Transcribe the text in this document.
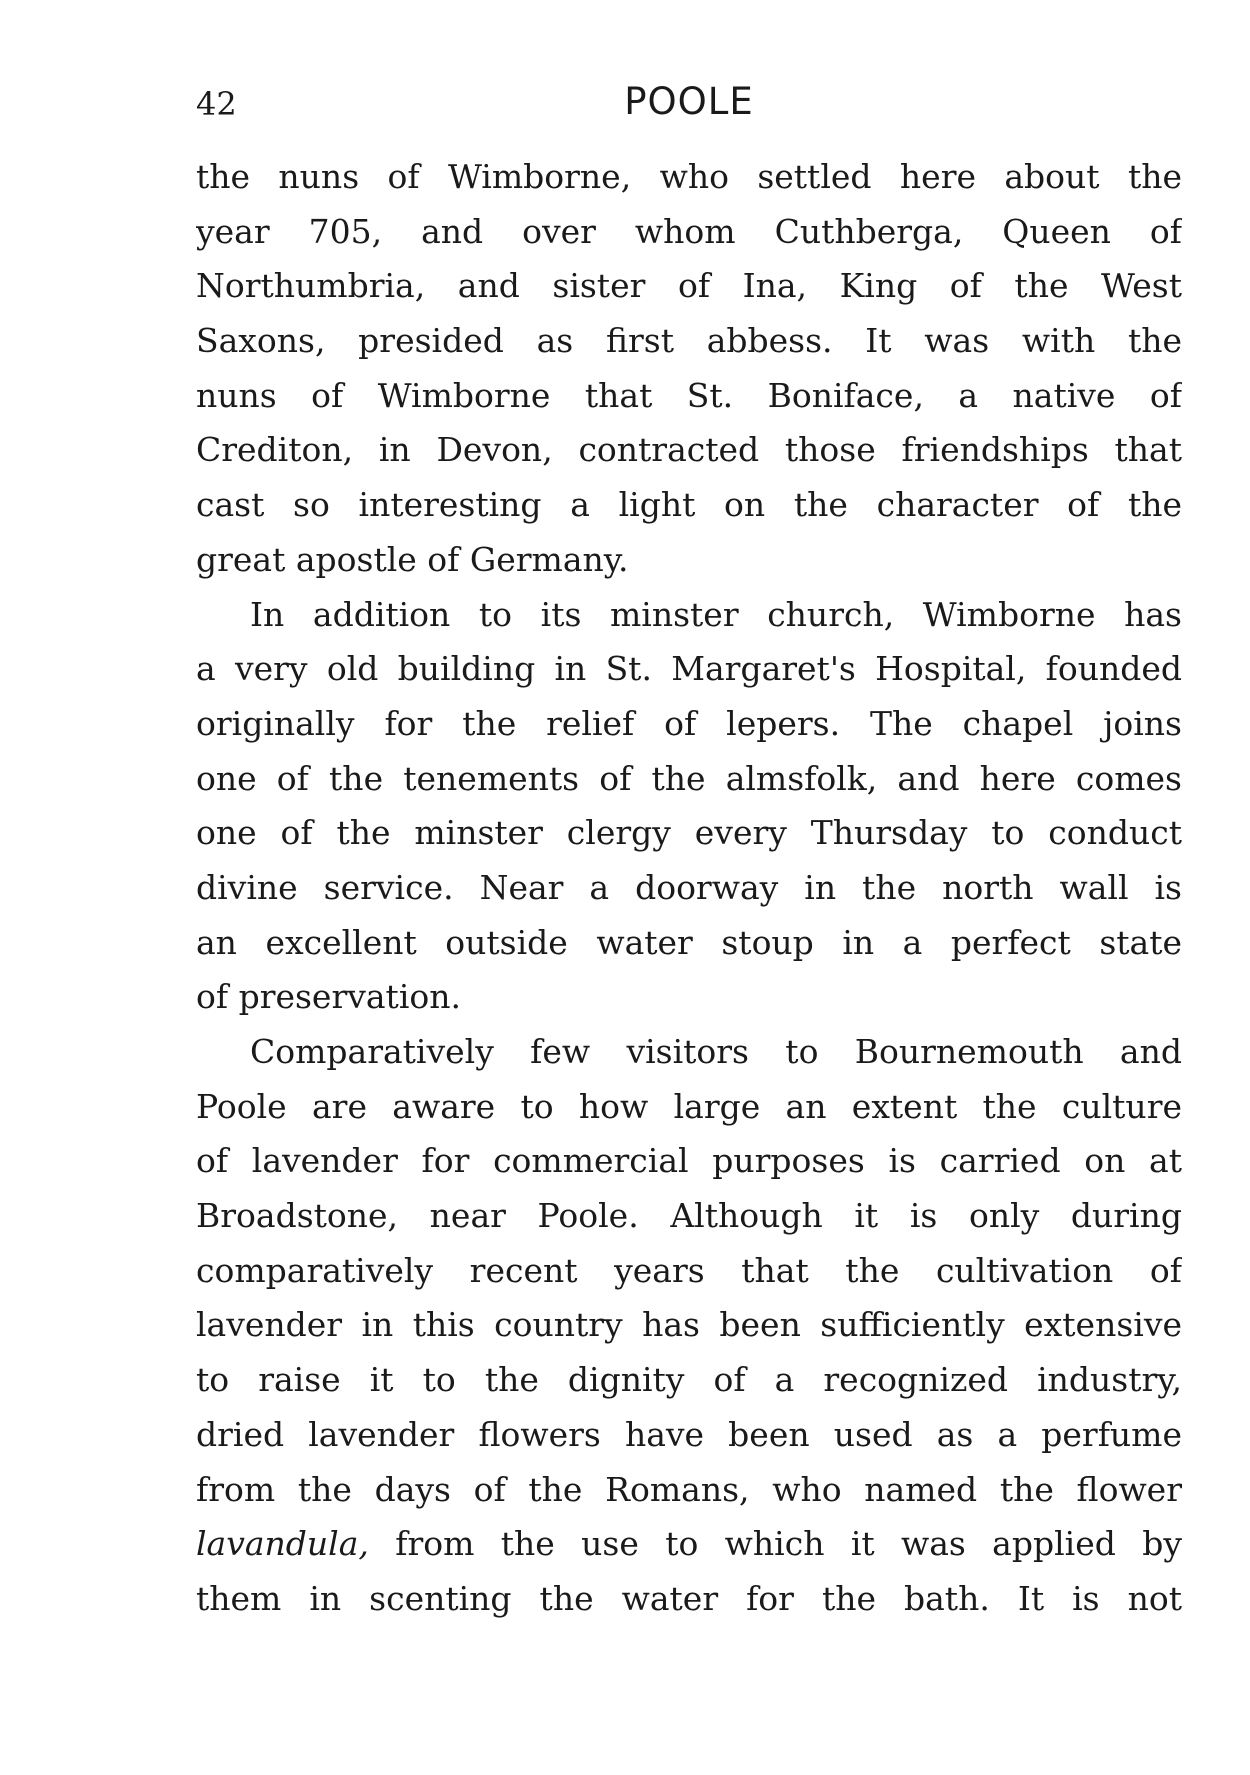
42	POOLE
the nuns of Wimborne, who settled here about the
year 705, and over whom Cuthberga, Queen of
Northumbria, and sister of Ina, King of the West
Saxons, presided as first abbess. It was with the
nuns of Wimborne that St. Boniface, a native of
Crediton, in Devon, contracted those friendships that
cast so interesting a light on the character of the
great apostle of Germany.
In addition to its minster church, Wimborne has
a very old building in St. Margaret's Hospital, founded
originally for the relief of lepers. The chapel joins
one of the tenements of the almsfolk, and here comes
one of the minster clergy every Thursday to conduct
divine service. Near a doorway in the north wall is
an excellent outside water stoup in a perfect state
of preservation.
Comparatively few visitors to Bournemouth and
Poole are aware to how large an extent the culture
of lavender for commercial purposes is carried on at
Broadstone, near Poole. Although it is only during
comparatively recent years that the cultivation of
lavender in this country has been sufficiently extensive
to raise it to the dignity of a recognized industry,
dried lavender flowers have been used as a perfume
from the days of the Romans, who named the flower
lavandula, from the use to which it was applied by
them in scenting the water for the bath. It is not
